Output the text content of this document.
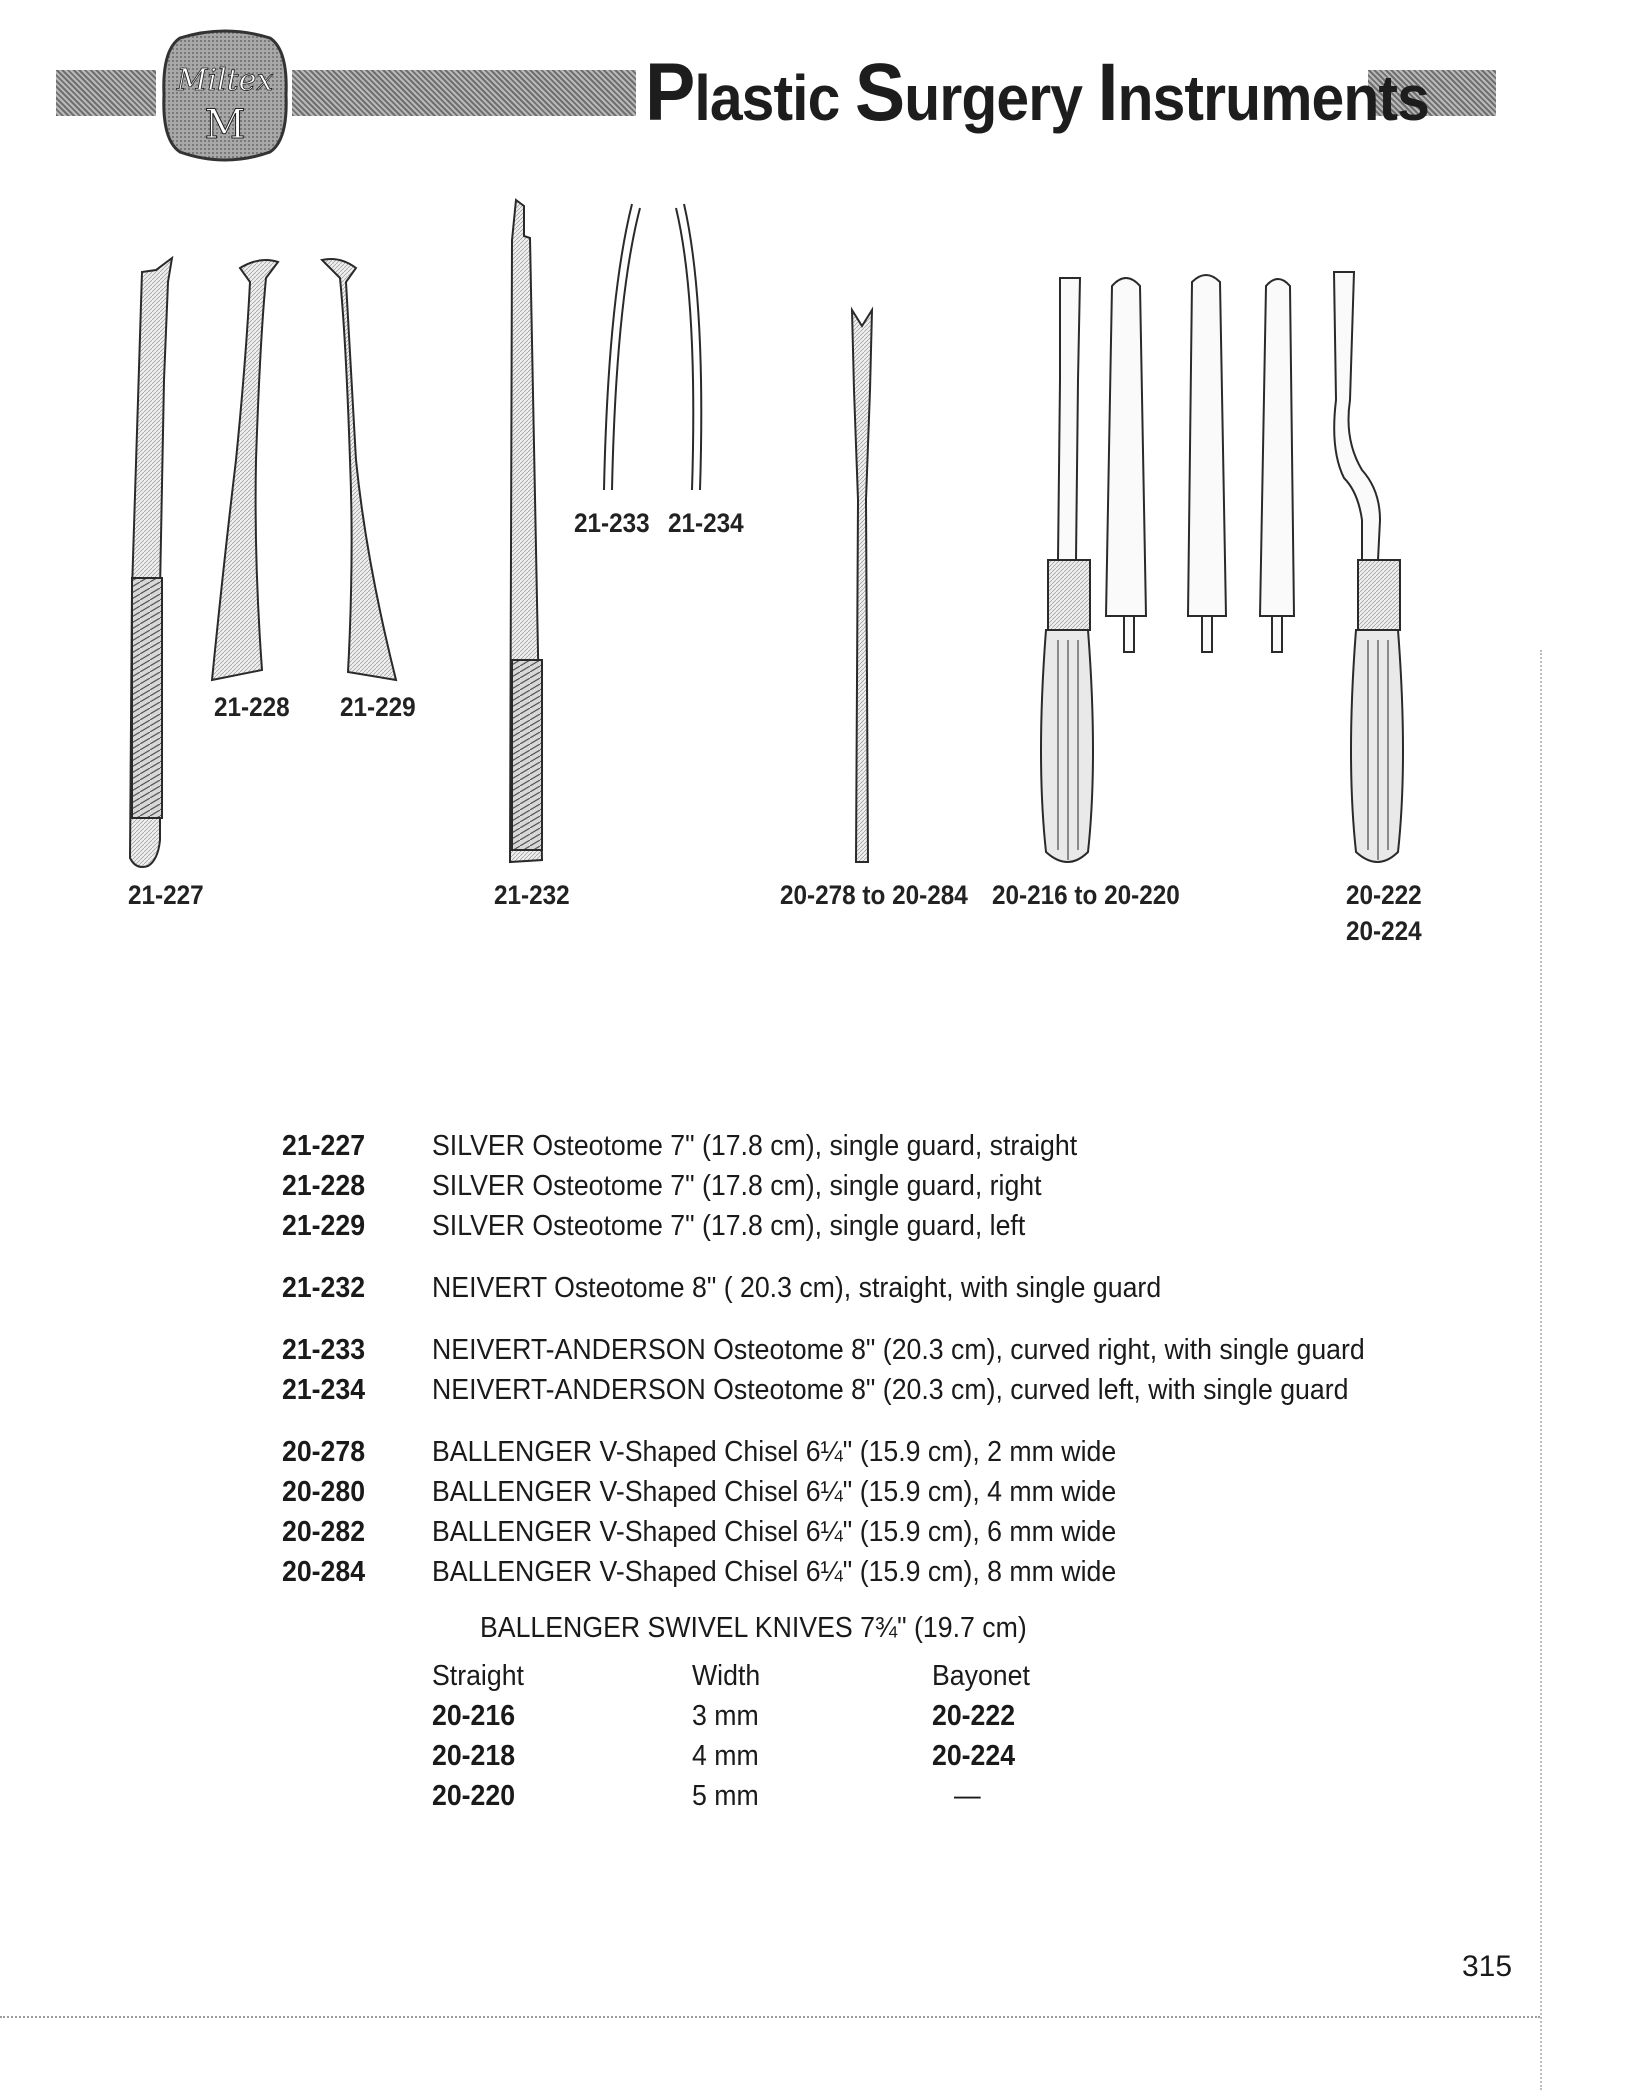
Miltex
M	Plastic Surgery Instruments
21-227
21-228 21-229
21-232
21-233 21-234
20-278 to 20-284 20-216 to 20-220	20-222
20-224
21-227	SILVER Osteotome 7" (17.8 cm), single guard, straight
21-228	SILVER Osteotome 7" (17.8 cm), single guard, right
21-229	SILVER Osteotome 7" (17.8 cm), single guard, left
21-232	NEIVERT Osteotome 8" ( 20.3 cm), straight, with single guard
21-233	NEIVERT-ANDERSON Osteotome 8" (20.3 cm), curved right, with single guard
21-234	NEIVERT-ANDERSON Osteotome 8" (20.3 cm), curved left, with single guard
20-278	BALLENGER V-Shaped Chisel 6¼" (15.9 cm), 2 mm wide
20-280	BALLENGER V-Shaped Chisel 6¼" (15.9 cm), 4 mm wide
20-282	BALLENGER V-Shaped Chisel 6¼" (15.9 cm), 6 mm wide
20-284	BALLENGER V-Shaped Chisel 6¼" (15.9 cm), 8 mm wide
BALLENGER SWIVEL KNIVES 7¾" (19.7 cm)
Straight	Width	Bayonet
20-216	3 mm	20-222
20-218	4 mm	20-224
20-220	5 mm	—
315
